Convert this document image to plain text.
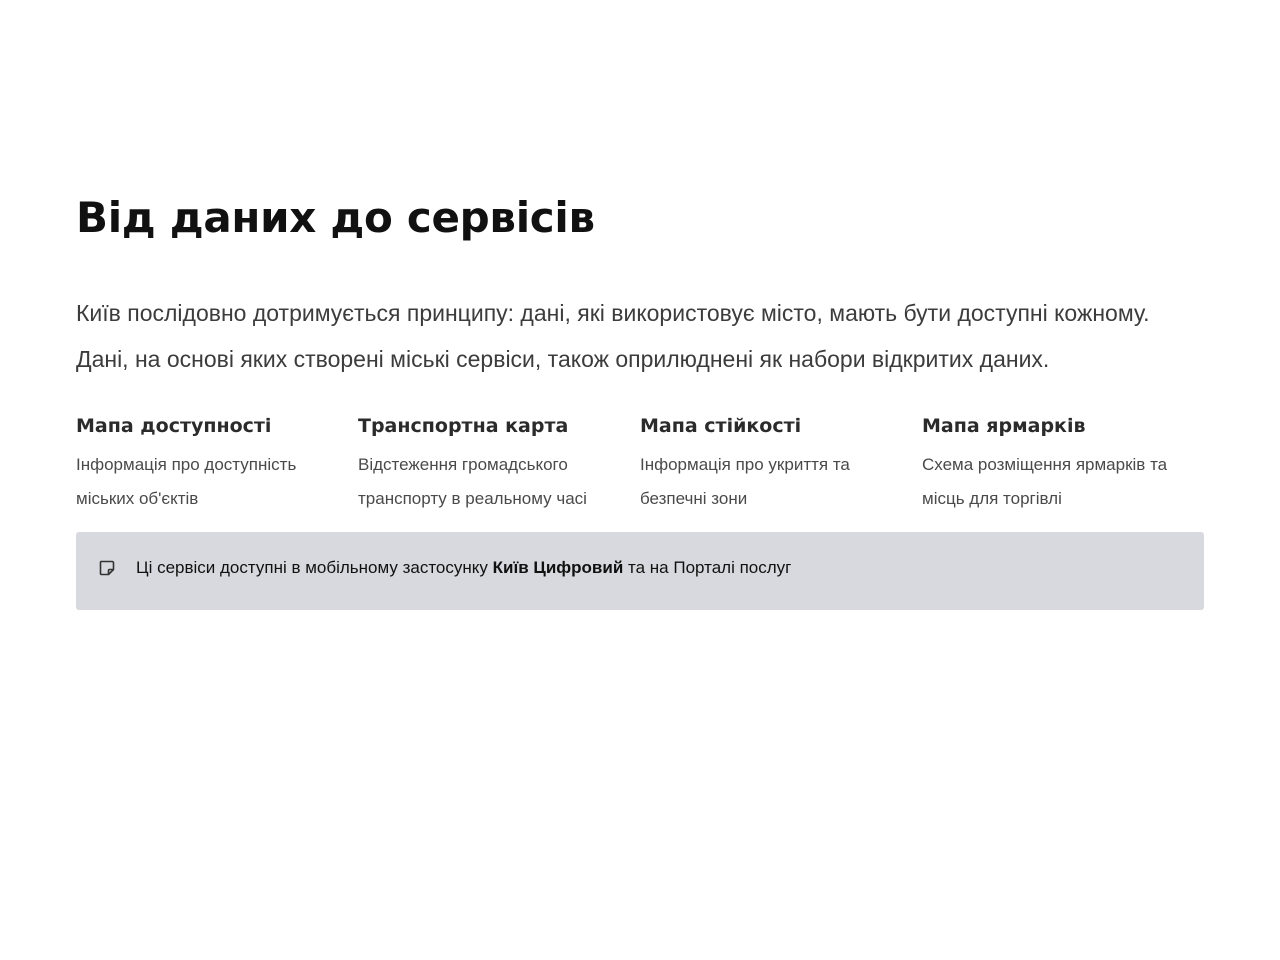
Від даних до сервісів

Київ послідовно дотримується принципу: дані, які використовує місто, мають бути доступні кожному. Дані, на основі яких створені міські сервіси, також оприлюднені як набори відкритих даних.

Мапа доступності
Інформація про доступність міських об'єктів
Транспортна карта
Відстеження громадського транспорту в реальному часі
Мапа стійкості
Інформація про укриття та безпечні зони
Мапа ярмарків
Схема розміщення ярмарків та місць для торгівлі
Ці сервіси доступні в мобільному застосунку Київ Цифровий та на Порталі послуг
